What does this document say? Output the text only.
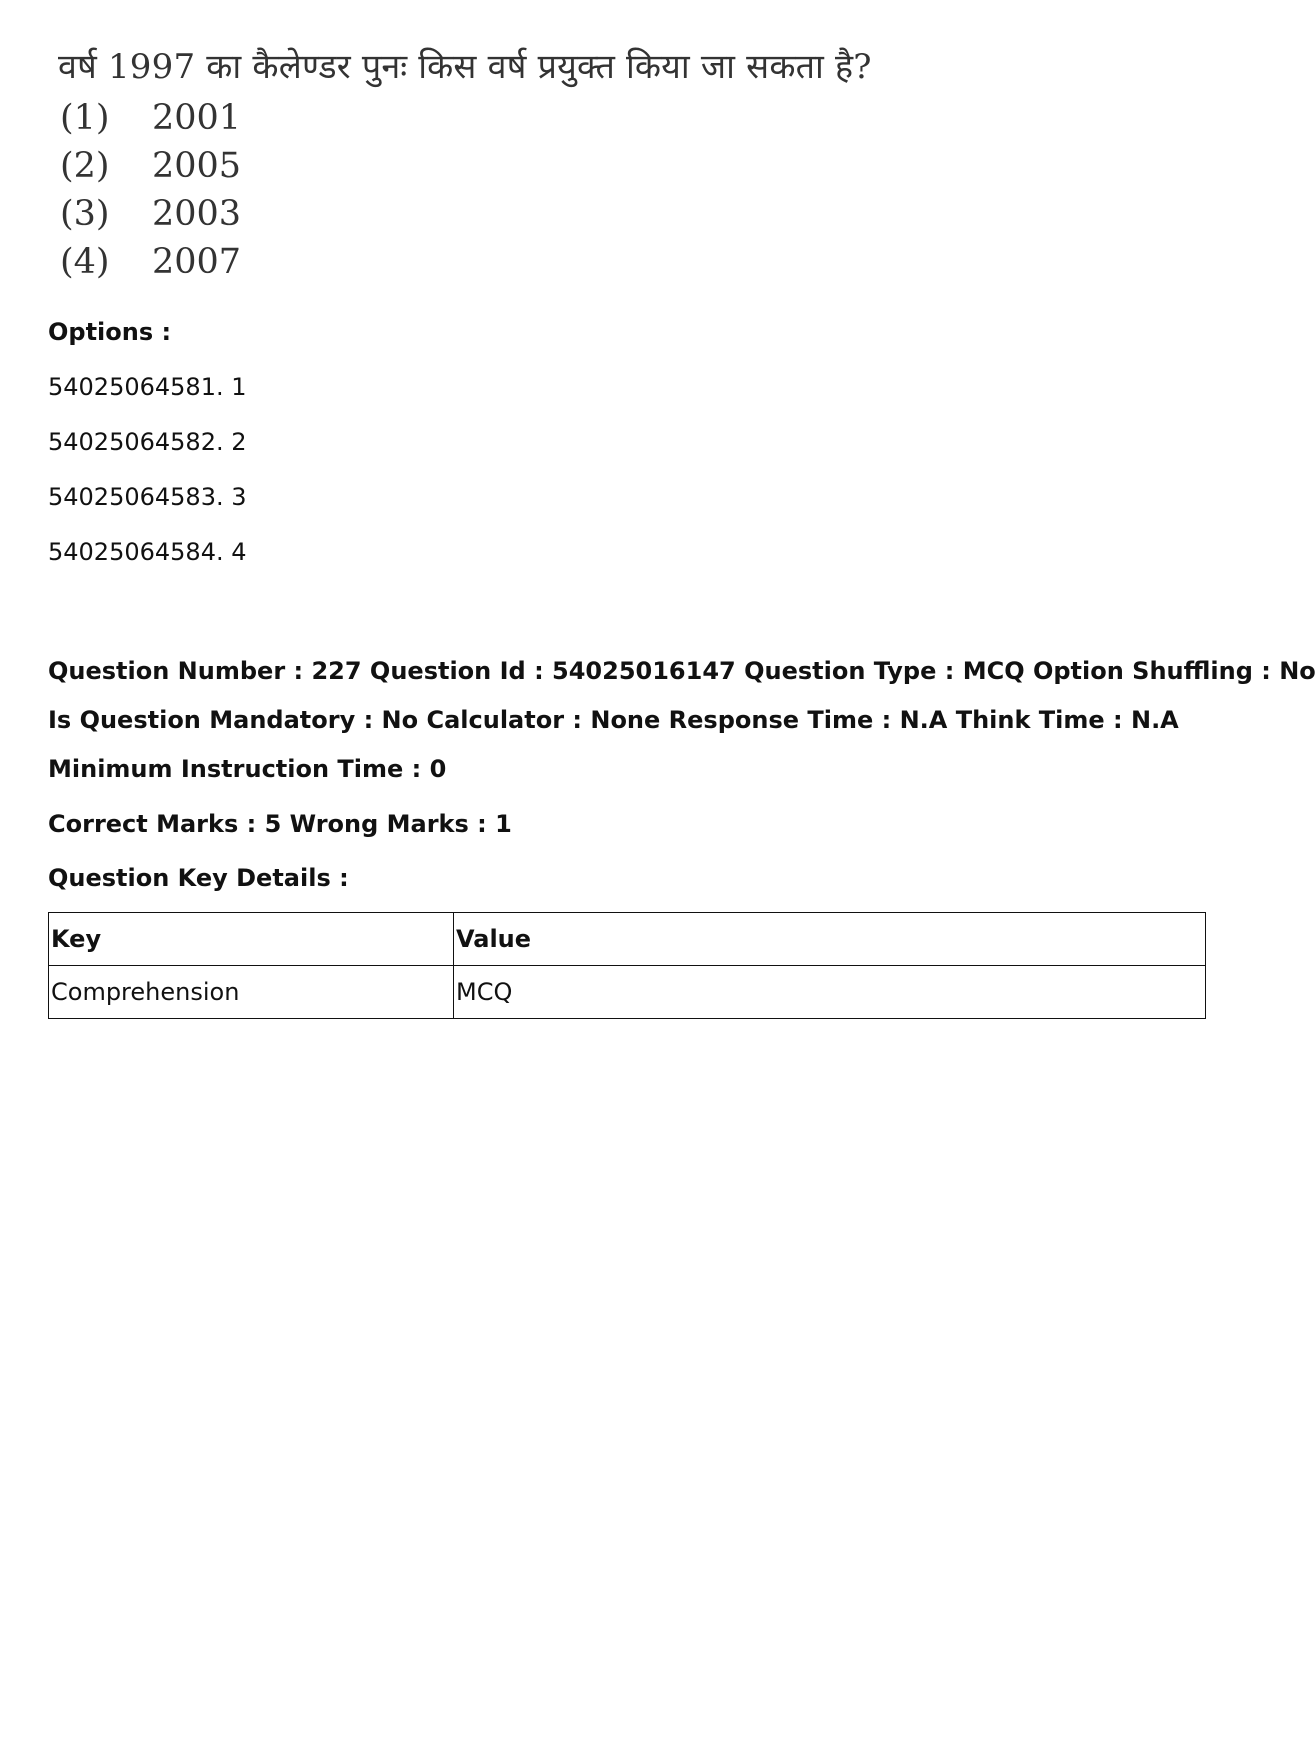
वर्ष 1997 का कैलेण्डर पुनः किस वर्ष प्रयुक्त किया जा सकता है?
(1) 2001
(2) 2005
(3) 2003
(4) 2007
Options :
54025064581. 1
54025064582. 2
54025064583. 3
54025064584. 4
Question Number : 227 Question Id : 54025016147 Question Type : MCQ Option Shuffling : No
Is Question Mandatory : No Calculator : None Response Time : N.A Think Time : N.A
Minimum Instruction Time : 0
Correct Marks : 5 Wrong Marks : 1
Question Key Details :
Key	Value
Comprehension	MCQ
